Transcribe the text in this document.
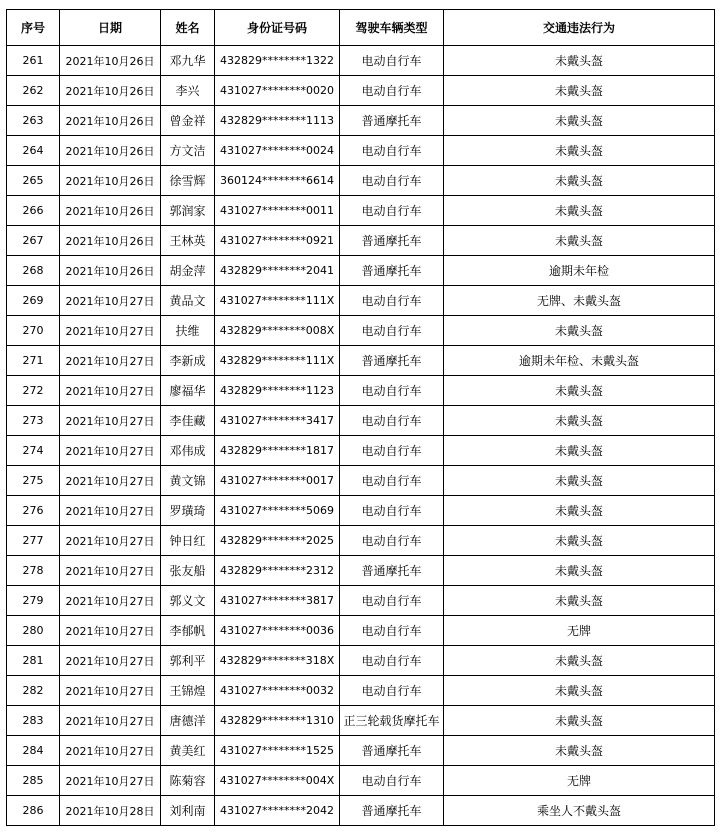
序号	日期	姓名	身份证号码	驾驶车辆类型	交通违法行为
261	2021年10月26日	邓九华	432829********1322	电动自行车	未戴头盔
262	2021年10月26日	李兴	431027********0020	电动自行车	未戴头盔
263	2021年10月26日	曾金祥	432829********1113	普通摩托车	未戴头盔
264	2021年10月26日	方文洁	431027********0024	电动自行车	未戴头盔
265	2021年10月26日	徐雪辉	360124********6614	电动自行车	未戴头盔
266	2021年10月26日	郭润家	431027********0011	电动自行车	未戴头盔
267	2021年10月26日	王林英	431027********0921	普通摩托车	未戴头盔
268	2021年10月26日	胡金萍	432829********2041	普通摩托车	逾期未年检
269	2021年10月27日	黄品文	431027********111X	电动自行车	无牌、未戴头盔
270	2021年10月27日	扶维	432829********008X	电动自行车	未戴头盔
271	2021年10月27日	李新成	432829********111X	普通摩托车	逾期未年检、未戴头盔
272	2021年10月27日	廖福华	432829********1123	电动自行车	未戴头盔
273	2021年10月27日	李佳藏	431027********3417	电动自行车	未戴头盔
274	2021年10月27日	邓伟成	432829********1817	电动自行车	未戴头盔
275	2021年10月27日	黄文锦	431027********0017	电动自行车	未戴头盔
276	2021年10月27日	罗璜琦	431027********5069	电动自行车	未戴头盔
277	2021年10月27日	钟日红	432829********2025	电动自行车	未戴头盔
278	2021年10月27日	张友船	432829********2312	普通摩托车	未戴头盔
279	2021年10月27日	郭义文	431027********3817	电动自行车	未戴头盔
280	2021年10月27日	李郁帆	431027********0036	电动自行车	无牌
281	2021年10月27日	郭利平	432829********318X	电动自行车	未戴头盔
282	2021年10月27日	王锦煌	431027********0032	电动自行车	未戴头盔
283	2021年10月27日	唐德洋	432829********1310	正三轮载货摩托车	未戴头盔
284	2021年10月27日	黄美红	431027********1525	普通摩托车	未戴头盔
285	2021年10月27日	陈菊容	431027********004X	电动自行车	无牌
286	2021年10月28日	刘利南	431027********2042	普通摩托车	乘坐人不戴头盔
